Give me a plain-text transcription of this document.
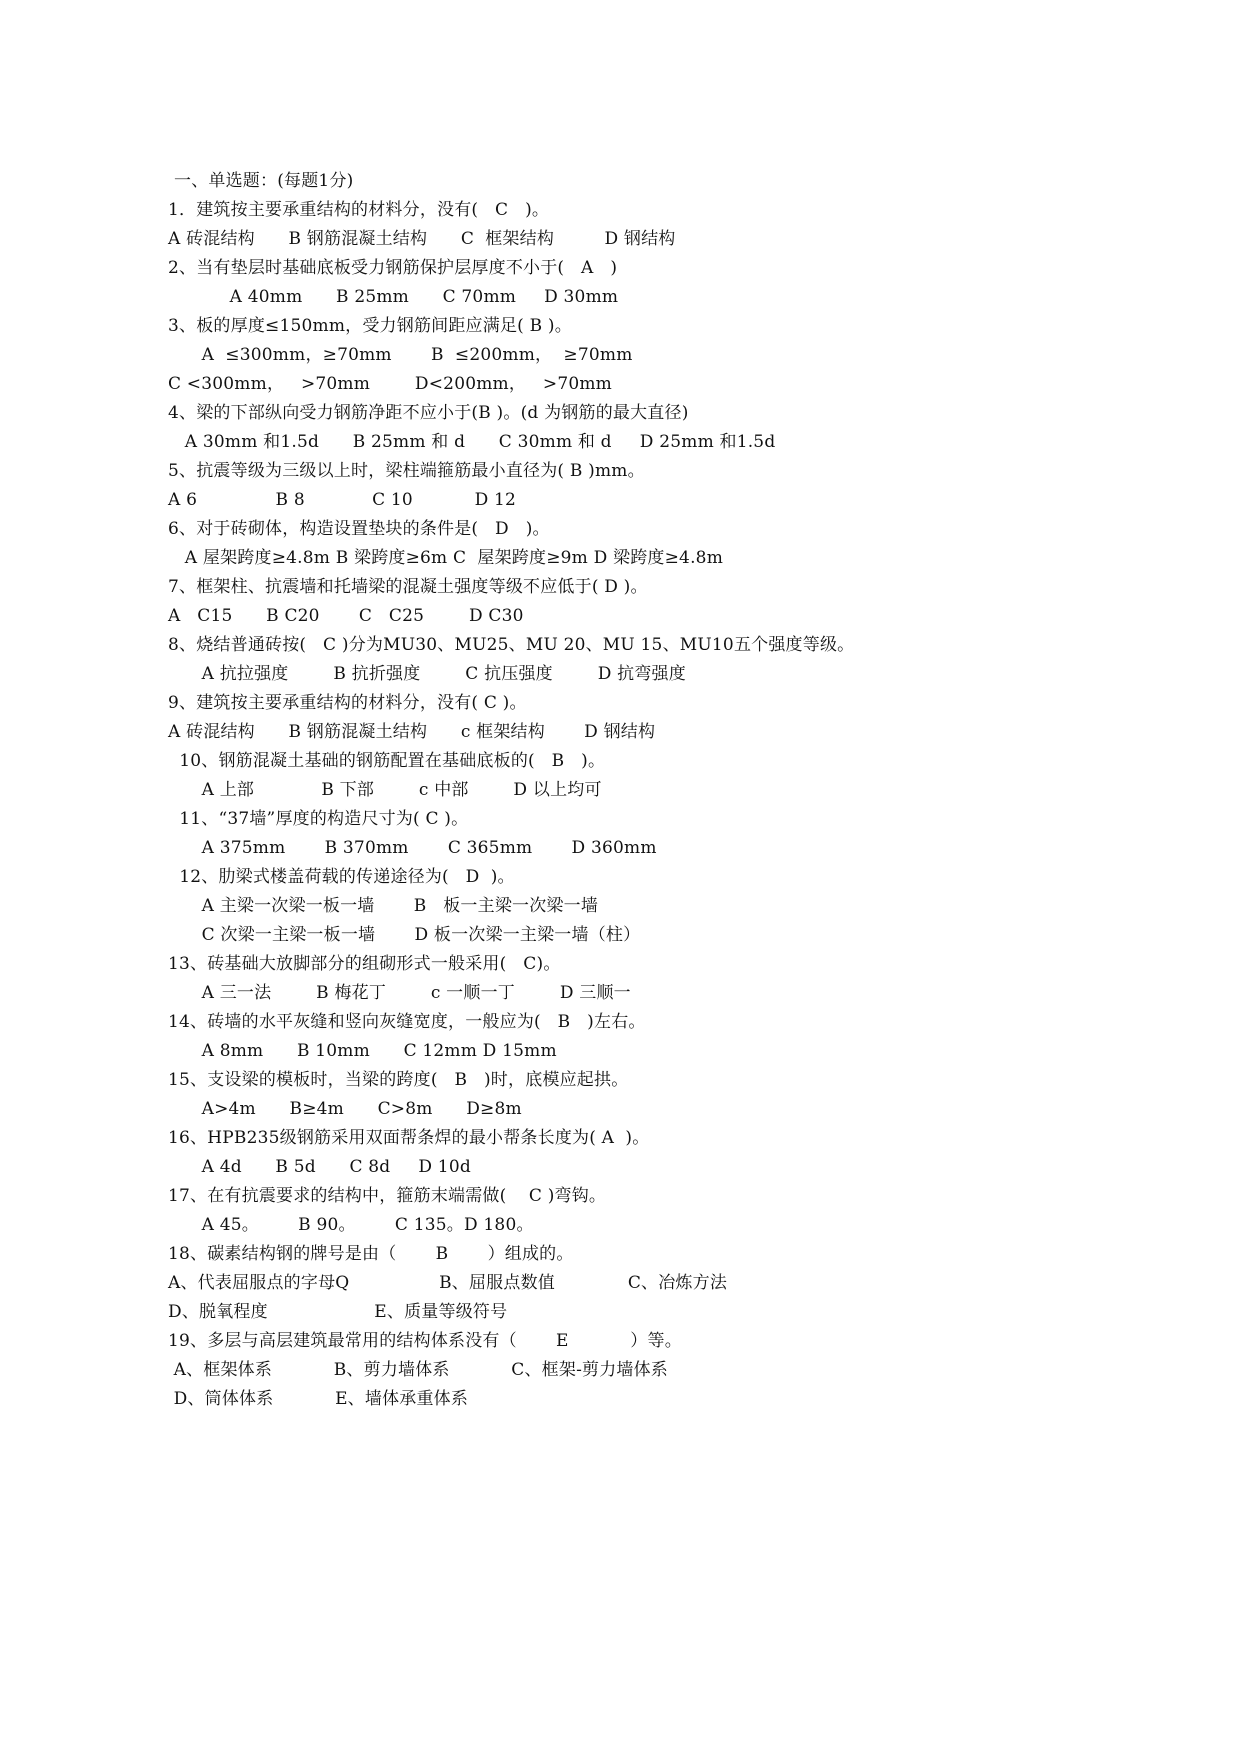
一、单选题：(每题1分)
1．建筑按主要承重结构的材料分，没有(   C   )。
A 砖混结构      B 钢筋混凝土结构      C  框架结构         D 钢结构
2、当有垫层时基础底板受力钢筋保护层厚度不小于(   A   )
A 40mm      B 25mm      C 70mm     D 30mm
3、板的厚度≤150mm，受力钢筋间距应满足( B )。
A  ≤300mm，≥70mm       B  ≤200mm，  ≥70mm
C <300mm，   >70mm        D<200mm，   >70mm
4、梁的下部纵向受力钢筋净距不应小于(B )。(d 为钢筋的最大直径)
A 30mm 和1.5d      B 25mm 和 d      C 30mm 和 d     D 25mm 和1.5d
5、抗震等级为三级以上时，梁柱端箍筋最小直径为( B )mm。
A 6              B 8            C 10           D 12
6、对于砖砌体，构造设置垫块的条件是(   D   )。
A 屋架跨度≥4.8m B 梁跨度≥6m C  屋架跨度≥9m D 梁跨度≥4.8m
7、框架柱、抗震墙和托墙梁的混凝土强度等级不应低于( D )。
A   C15      B C20       C   C25        D C30
8、烧结普通砖按(   C )分为MU30、MU25、MU 20、MU 15、MU10五个强度等级。
A 抗拉强度        B 抗折强度        C 抗压强度        D 抗弯强度
9、建筑按主要承重结构的材料分，没有( C )。
A 砖混结构      B 钢筋混凝土结构      c 框架结构       D 钢结构
10、钢筋混凝土基础的钢筋配置在基础底板的(   B   )。
A 上部            B 下部        c 中部        D 以上均可
11、“37墙”厚度的构造尺寸为( C )。
A 375mm       B 370mm       C 365mm       D 360mm
12、肋梁式楼盖荷载的传递途径为(   D  )。
A 主梁一次梁一板一墙       B   板一主梁一次梁一墙
C 次梁一主梁一板一墙       D 板一次梁一主梁一墙（柱）
13、砖基础大放脚部分的组砌形式一般采用(   C)。
A 三一法        B 梅花丁        c 一顺一丁        D 三顺一
14、砖墙的水平灰缝和竖向灰缝宽度，一般应为(   B   )左右。
A 8mm      B 10mm      C 12mm D 15mm
15、支设梁的模板时，当梁的跨度(   B   )时，底模应起拱。
A>4m      B≥4m      C>8m      D≥8m
16、HPB235级钢筋采用双面帮条焊的最小帮条长度为( A  )。
A 4d      B 5d      C 8d     D 10d
17、在有抗震要求的结构中，箍筋末端需做(    C )弯钩。
A 45。       B 90。       C 135。D 180。
18、碳素结构钢的牌号是由（       B       ）组成的。
A、代表屈服点的字母Q                B、屈服点数值             C、冶炼方法
D、脱氧程度                   E、质量等级符号
19、多层与高层建筑最常用的结构体系没有（       E           ）等。
A、框架体系           B、剪力墙体系           C、框架-剪力墙体系
D、筒体体系           E、墙体承重体系
